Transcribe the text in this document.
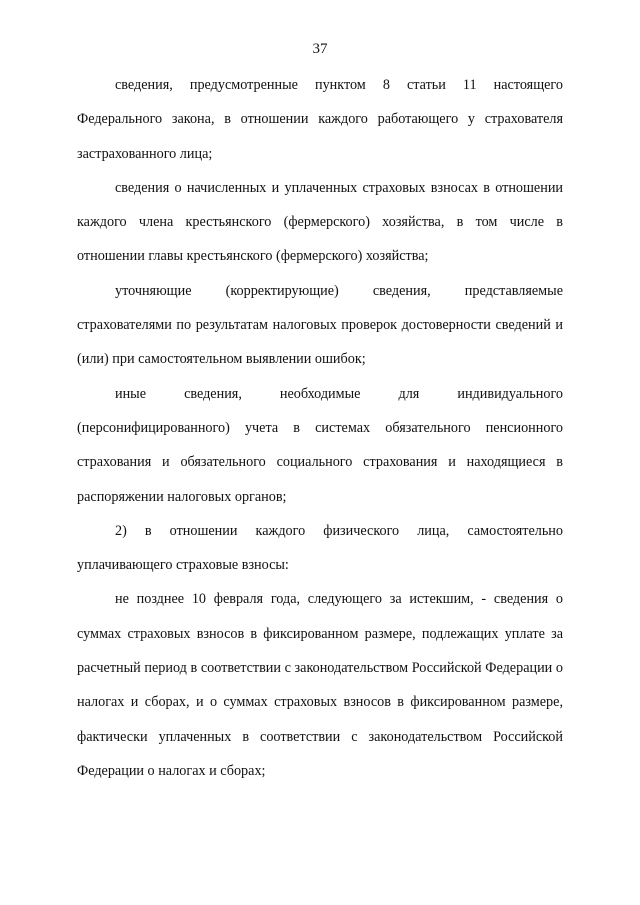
37

сведения, предусмотренные пунктом 8 статьи 11 настоящего Федерального закона, в отношении каждого работающего у страхователя застрахованного лица;

сведения о начисленных и уплаченных страховых взносах в отношении каждого члена крестьянского (фермерского) хозяйства, в том числе в отношении главы крестьянского (фермерского) хозяйства;

уточняющие (корректирующие) сведения, представляемые страхователями по результатам налоговых проверок достоверности сведений и (или) при самостоятельном выявлении ошибок;

иные сведения, необходимые для индивидуального (персонифицированного) учета в системах обязательного пенсионного страхования и обязательного социального страхования и находящиеся в распоряжении налоговых органов;

2) в отношении каждого физического лица, самостоятельно уплачивающего страховые взносы:

не позднее 10 февраля года, следующего за истекшим, - сведения о суммах страховых взносов в фиксированном размере, подлежащих уплате за расчетный период в соответствии с законодательством Российской Федерации о налогах и сборах, и о суммах страховых взносов в фиксированном размере, фактически уплаченных в соответствии с законодательством Российской Федерации о налогах и сборах;
